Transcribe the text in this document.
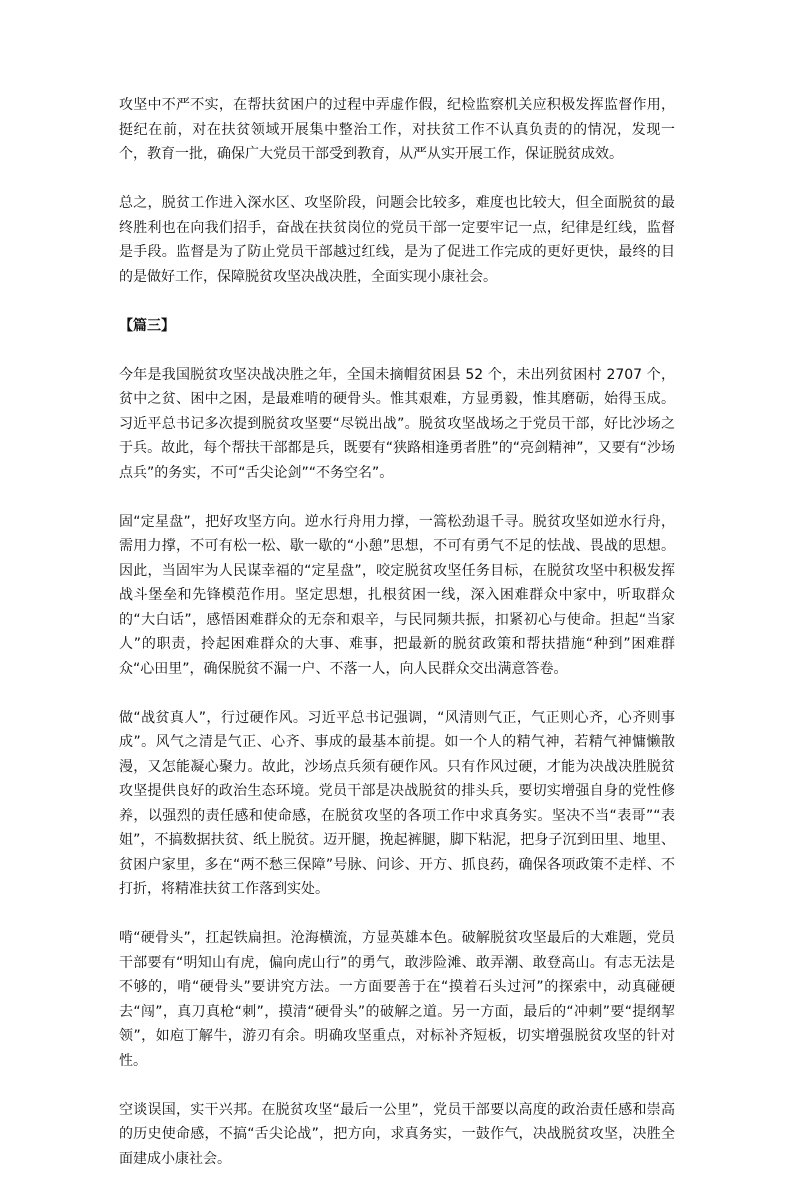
攻坚中不严不实，在帮扶贫困户的过程中弄虚作假，纪检监察机关应积极发挥监督作用，挺纪在前，对在扶贫领域开展集中整治工作，对扶贫工作不认真负责的的情况，发现一个，教育一批，确保广大党员干部受到教育，从严从实开展工作，保证脱贫成效。

总之，脱贫工作进入深水区、攻坚阶段，问题会比较多，难度也比较大，但全面脱贫的最终胜利也在向我们招手，奋战在扶贫岗位的党员干部一定要牢记一点，纪律是红线，监督是手段。监督是为了防止党员干部越过红线，是为了促进工作完成的更好更快，最终的目的是做好工作，保障脱贫攻坚决战决胜，全面实现小康社会。

【篇三】

今年是我国脱贫攻坚决战决胜之年，全国未摘帽贫困县 52 个，未出列贫困村 2707 个，贫中之贫、困中之困，是最难啃的硬骨头。惟其艰难，方显勇毅，惟其磨砺，始得玉成。习近平总书记多次提到脱贫攻坚要“尽锐出战”。脱贫攻坚战场之于党员干部，好比沙场之于兵。故此，每个帮扶干部都是兵，既要有“狭路相逢勇者胜”的“亮剑精神”，又要有“沙场点兵”的务实，不可“舌尖论剑”“不务空名”。

固“定星盘”，把好攻坚方向。逆水行舟用力撑，一篙松劲退千寻。脱贫攻坚如逆水行舟，需用力撑，不可有松一松、歇一歇的“小憩”思想，不可有勇气不足的怯战、畏战的思想。因此，当固牢为人民谋幸福的“定星盘”，咬定脱贫攻坚任务目标，在脱贫攻坚中积极发挥战斗堡垒和先锋模范作用。坚定思想，扎根贫困一线，深入困难群众中家中，听取群众的“大白话”，感悟困难群众的无奈和艰辛，与民同频共振，扣紧初心与使命。担起“当家人”的职责，拎起困难群众的大事、难事，把最新的脱贫政策和帮扶措施“种到”困难群众“心田里”，确保脱贫不漏一户、不落一人，向人民群众交出满意答卷。

做“战贫真人”，行过硬作风。习近平总书记强调，“风清则气正，气正则心齐，心齐则事成”。风气之清是气正、心齐、事成的最基本前提。如一个人的精气神，若精气神慵懒散漫，又怎能凝心聚力。故此，沙场点兵须有硬作风。只有作风过硬，才能为决战决胜脱贫攻坚提供良好的政治生态环境。党员干部是决战脱贫的排头兵，要切实增强自身的党性修养，以强烈的责任感和使命感，在脱贫攻坚的各项工作中求真务实。坚决不当“表哥”“表姐”，不搞数据扶贫、纸上脱贫。迈开腿，挽起裤腿，脚下粘泥，把身子沉到田里、地里、贫困户家里，多在“两不愁三保障”号脉、问诊、开方、抓良药，确保各项政策不走样、不打折，将精准扶贫工作落到实处。

啃“硬骨头”，扛起铁扁担。沧海横流，方显英雄本色。破解脱贫攻坚最后的大难题，党员干部要有“明知山有虎，偏向虎山行”的勇气，敢涉险滩、敢弄潮、敢登高山。有志无法是不够的，啃“硬骨头”要讲究方法。一方面要善于在“摸着石头过河”的探索中，动真碰硬去“闯”，真刀真枪“刺”，摸清“硬骨头”的破解之道。另一方面，最后的“冲刺”要“提纲挈领”，如庖丁解牛，游刃有余。明确攻坚重点，对标补齐短板，切实增强脱贫攻坚的针对性。

空谈误国，实干兴邦。在脱贫攻坚“最后一公里”，党员干部要以高度的政治责任感和崇高的历史使命感，不搞“舌尖论战”，把方向，求真务实，一鼓作气，决战脱贫攻坚，决胜全面建成小康社会。
